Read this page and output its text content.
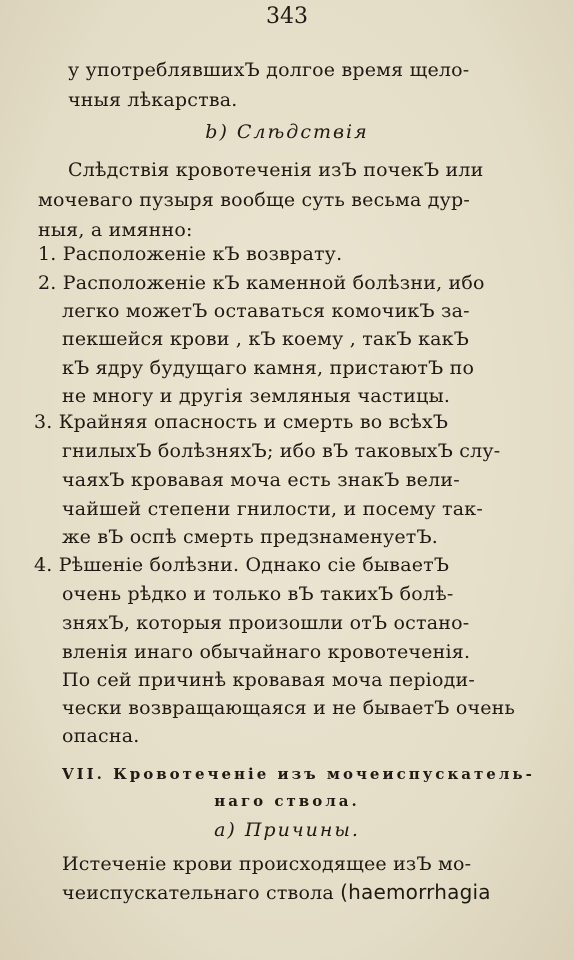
343
у употреблявшихЪ долгое время щело-
чныя лѣкарства.
b) Слѣдствія
Слѣдствія кровотеченія изЪ почекЪ или
мочеваго пузыря вообще суть весьма дур-
ныя, а имянно:
1. Расположеніе кЪ возврату.
2. Расположеніе кЪ каменной болѣзни, ибо
легко можетЪ оставаться комочикЪ за-
пекшейся крови , кЪ коему , такЪ какЪ
кЪ ядру будущаго камня, пристаютЪ по
не многу и другія земляныя частицы.
3. Крайняя опасность и смерть во всѣхЪ
гнилыхЪ болѣзняхЪ; ибо вЪ таковыхЪ слу-
чаяхЪ кровавая моча есть знакЪ вели-
чайшей степени гнилости, и посему так-
же вЪ оспѣ смерть предзнаменуетЪ.
4. Рѣшеніе болѣзни. Однако сіе бываетЪ
очень рѣдко и только вЪ такихЪ болѣ-
зняхЪ, которыя произошли отЪ остано-
вленія инаго обычайнаго кровотеченія.
По сей причинѣ кровавая моча періоди-
чески возвращающаяся и не бываетЪ очень
опасна.
VII. Кровотеченіе изъ мочеиспускатель-
наго ствола.
a) Причины.
Истеченіе крови происходящее изЪ мо-
чеиспускательнаго ствола (haemorrhagia
